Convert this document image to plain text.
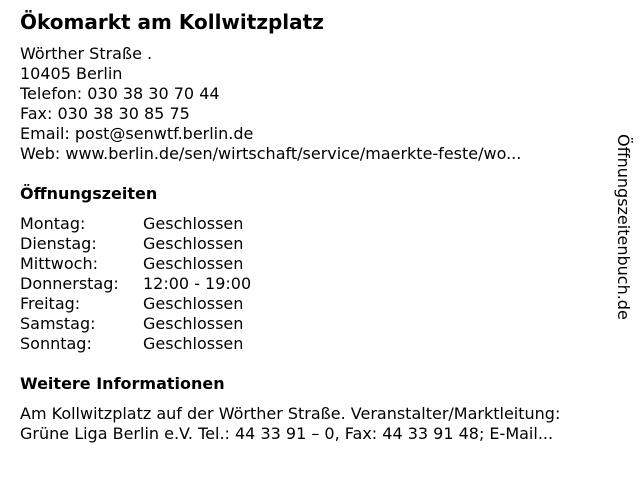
Ökomarkt am Kollwitzplatz
Wörther Straße .
10405 Berlin
Telefon: 030 38 30 70 44
Fax: 030 38 30 85 75
Email: post@senwtf.berlin.de
Web: www.berlin.de/sen/wirtschaft/service/maerkte-feste/wo...
Öffnungszeiten
Montag:	Geschlossen
Dienstag:	Geschlossen
Mittwoch:	Geschlossen
Donnerstag:	12:00 - 19:00
Freitag:	Geschlossen
Samstag:	Geschlossen
Sonntag:	Geschlossen
Weitere Informationen
Am Kollwitzplatz auf der Wörther Straße. Veranstalter/Marktleitung:
Grüne Liga Berlin e.V. Tel.: 44 33 91 – 0, Fax: 44 33 91 48; E-Mail...
Öffnungszeitenbuch.de
